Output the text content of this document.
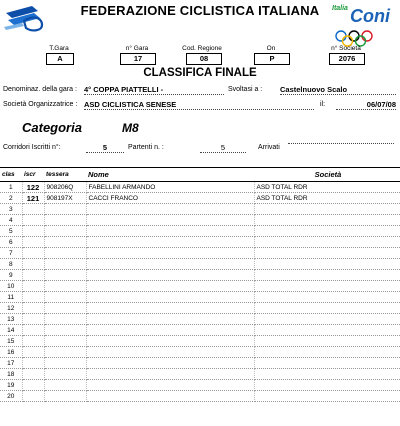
FEDERAZIONE CICLISTICA ITALIANA	Italia Coni
T.Gara
A
n° Gara
17
Cod. Regione
08
On
P
n° Società
2076
CLASSIFICA FINALE
Denominaz. della gara : 4° COPPA PIATTELLI -	Svoltasi a : Castelnuovo Scalo
Società Organizzatrice : ASD CICLISTICA SENESE	il:	06/07/08
Categoria	M8
Corridori Iscritti n°:	5	Partenti n. :	5	Arrivati
clas	iscr	tessera	Nome	Società
1	122	908206Q	FABELLINI ARMANDO	ASD TOTAL RDR
2	121	908197X	CACCI FRANCO	ASD TOTAL RDR
3				
4				
5				
6				
7				
8				
9				
10				
11				
12				
13				
14				
15				
16				
17				
18				
19				
20				
